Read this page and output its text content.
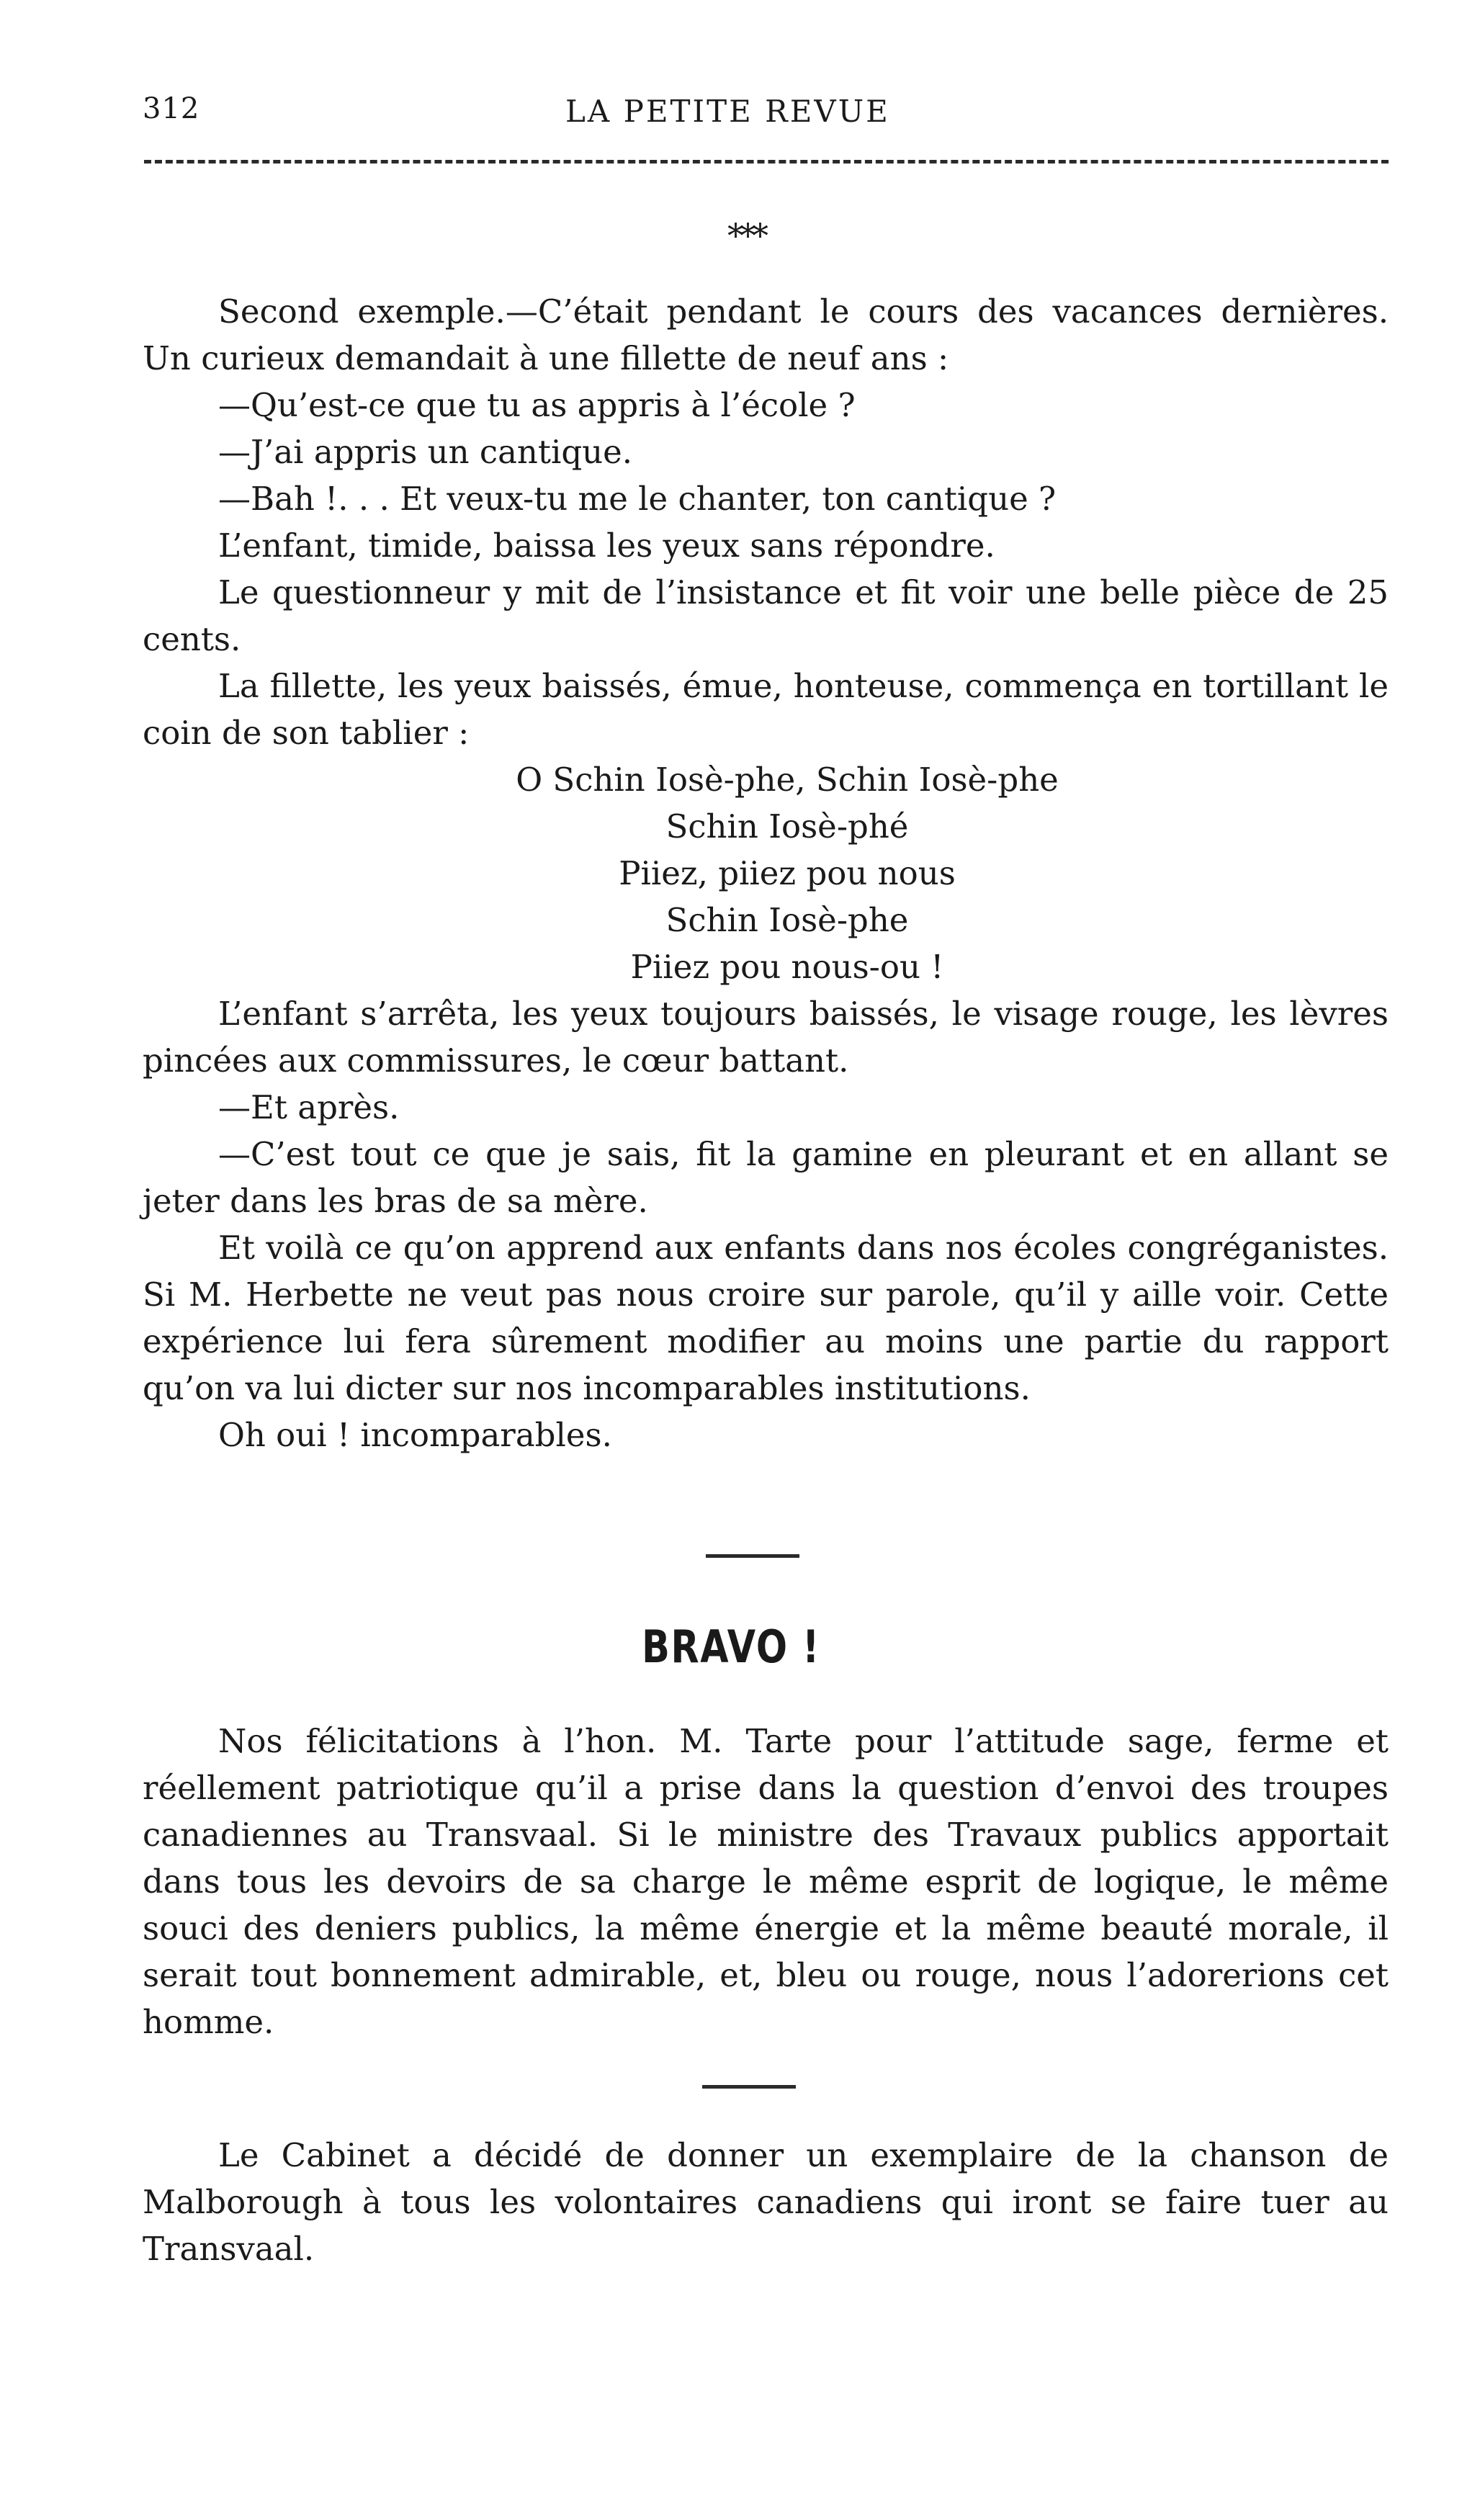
312	LA PETITE REVUE
***

Second exemple.—C’était pendant le cours des vacances dernières. Un curieux demandait à une fillette de neuf ans :

—Qu’est-ce que tu as appris à l’école ?

—J’ai appris un cantique.

—Bah !. . . Et veux-tu me le chanter, ton cantique ?

L’enfant, timide, baissa les yeux sans répondre.

Le questionneur y mit de l’insistance et fit voir une belle pièce de 25 cents.

La fillette, les yeux baissés, émue, honteuse, commença en tortillant le coin de son tablier :

O Schin Iosè-phe, Schin Iosè-phe

Schin Iosè-phé

Piiez, piiez pou nous

Schin Iosè-phe

Piiez pou nous-ou !

L’enfant s’arrêta, les yeux toujours baissés, le visage rouge, les lèvres pincées aux commissures, le cœur battant.

—Et après.

—C’est tout ce que je sais, fit la gamine en pleurant et en allant se jeter dans les bras de sa mère.

Et voilà ce qu’on apprend aux enfants dans nos écoles congréganistes. Si M. Herbette ne veut pas nous croire sur parole, qu’il y aille voir. Cette expérience lui fera sûrement modifier au moins une partie du rapport qu’on va lui dicter sur nos incomparables institutions.

Oh oui ! incomparables.

BRAVO !

Nos félicitations à l’hon. M. Tarte pour l’attitude sage, ferme et réellement patriotique qu’il a prise dans la question d’envoi des troupes canadiennes au Transvaal. Si le ministre des Travaux publics apportait dans tous les devoirs de sa charge le même esprit de logique, le même souci des deniers publics, la même énergie et la même beauté morale, il serait tout bonnement admirable, et, bleu ou rouge, nous l’adorerions cet homme.

Le Cabinet a décidé de donner un exemplaire de la chanson de Malborough à tous les volontaires canadiens qui iront se faire tuer au Transvaal.
